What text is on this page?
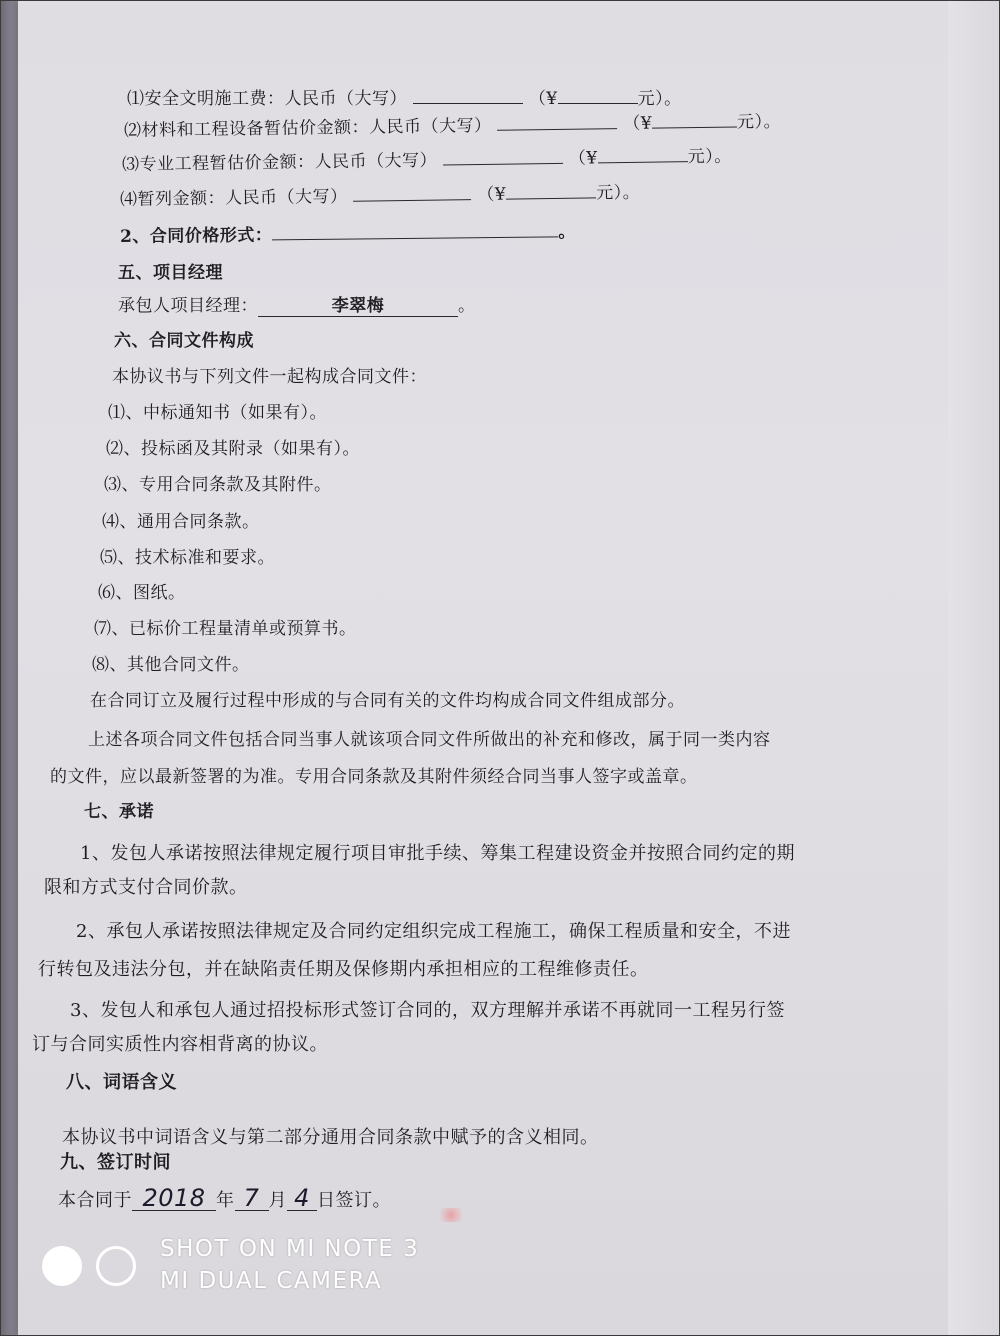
⑴安全文明施工费：人民币（大写）	（¥	元）。
⑵材料和工程设备暂估价金额：人民币（大写）	（¥	元）。
⑶专业工程暂估价金额：人民币（大写）	（¥	元）。
⑷暂列金额：人民币（大写）	（¥	元）。
2、合同价格形式：	。
五、项目经理
承包人项目经理：	李翠梅	。
六、合同文件构成
本协议书与下列文件一起构成合同文件：
⑴、中标通知书（如果有）。
⑵、投标函及其附录（如果有）。
⑶、专用合同条款及其附件。
⑷、通用合同条款。
⑸、技术标准和要求。
⑹、图纸。
⑺、已标价工程量清单或预算书。
⑻、其他合同文件。
在合同订立及履行过程中形成的与合同有关的文件均构成合同文件组成部分。
上述各项合同文件包括合同当事人就该项合同文件所做出的补充和修改，属于同一类内容
的文件，应以最新签署的为准。专用合同条款及其附件须经合同当事人签字或盖章。
七、承诺
1、发包人承诺按照法律规定履行项目审批手续、筹集工程建设资金并按照合同约定的期
限和方式支付合同价款。
2、承包人承诺按照法律规定及合同约定组织完成工程施工，确保工程质量和安全，不进
行转包及违法分包，并在缺陷责任期及保修期内承担相应的工程维修责任。
3、发包人和承包人通过招投标形式签订合同的，双方理解并承诺不再就同一工程另行签
订与合同实质性内容相背离的协议。
八、词语含义
本协议书中词语含义与第二部分通用合同条款中赋予的含义相同。
九、签订时间
本合同于 2018 年 7 月 4 日签订。
SHOT ON MI NOTE 3
MI DUAL CAMERA
